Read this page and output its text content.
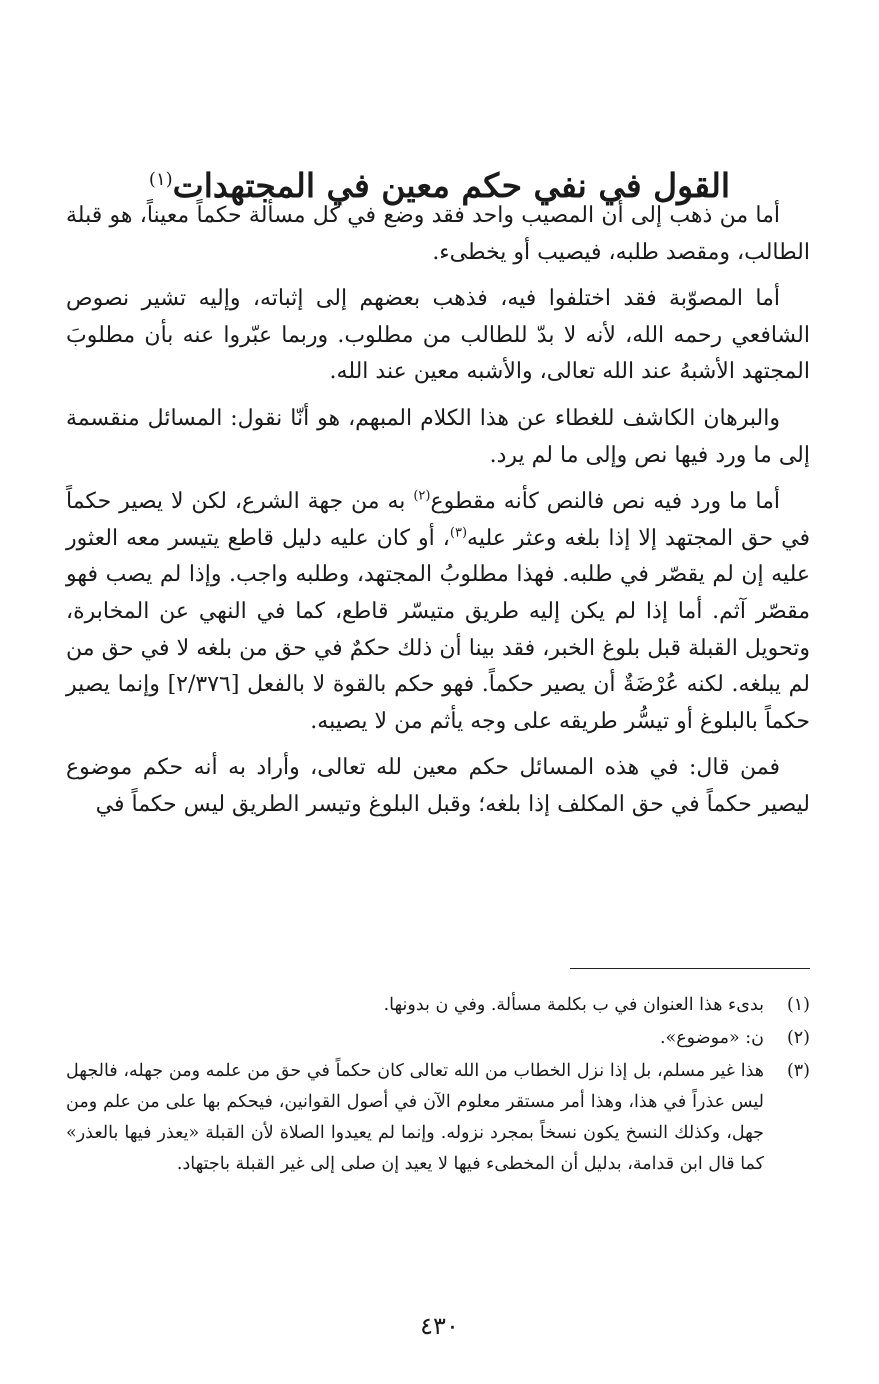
القول في نفي حكم معين في المجتهدات$^{(١)}$

أما من ذهب إلى أن المصيب واحد فقد وضع في كل مسألة حكماً معيناً، هو قبلة الطالب، ومقصد طلبه، فيصيب أو يخطىء.

أما المصوّبة فقد اختلفوا فيه، فذهب بعضهم إلى إثباته، وإليه تشير نصوص الشافعي رحمه الله، لأنه لا بدّ للطالب من مطلوب. وربما عبّروا عنه بأن مطلوبَ المجتهد الأشبهُ عند الله تعالى، والأشبه معين عند الله.

والبرهان الكاشف للغطاء عن هذا الكلام المبهم، هو أنّا نقول: المسائل منقسمة إلى ما ورد فيها نص وإلى ما لم يرد.

أما ما ورد فيه نص فالنص كأنه مقطوع$^{(٢)}$ به من جهة الشرع، لكن لا يصير حكماً في حق المجتهد إلا إذا بلغه وعثر عليه$^{(٣)}$، أو كان عليه دليل قاطع يتيسر معه العثور عليه إن لم يقصّر في طلبه. فهذا مطلوبُ المجتهد، وطلبه واجب. وإذا لم يصب فهو مقصّر آثم. أما إذا لم يكن إليه طريق متيسّر قاطع، كما في النهي عن المخابرة، وتحويل القبلة قبل بلوغ الخبر، فقد بينا أن ذلك حكمٌ في حق من بلغه لا في حق من لم يبلغه. لكنه عُرْضَةٌ أن يصير حكماً. فهو حكم بالقوة لا بالفعل [٢/٣٧٦] وإنما يصير حكماً بالبلوغ أو تيسُّر طريقه على وجه يأثم من لا يصيبه.

فمن قال: في هذه المسائل حكم معين لله تعالى، وأراد به أنه حكم موضوع ليصير حكماً في حق المكلف إذا بلغه؛ وقبل البلوغ وتيسر الطريق ليس حكماً في

(١)
بدىء هذا العنوان في ب بكلمة مسألة. وفي ن بدونها.
(٢)
ن: «موضوع».
(٣)
هذا غير مسلم، بل إذا نزل الخطاب من الله تعالى كان حكماً في حق من علمه ومن جهله، فالجهل ليس عذراً في هذا، وهذا أمر مستقر معلوم الآن في أصول القوانين، فيحكم بها على من علم ومن جهل، وكذلك النسخ يكون نسخاً بمجرد نزوله. وإنما لم يعيدوا الصلاة لأن القبلة «يعذر فيها بالعذر» كما قال ابن قدامة، بدليل أن المخطىء فيها لا يعيد إن صلى إلى غير القبلة باجتهاد.
٤٣٠
